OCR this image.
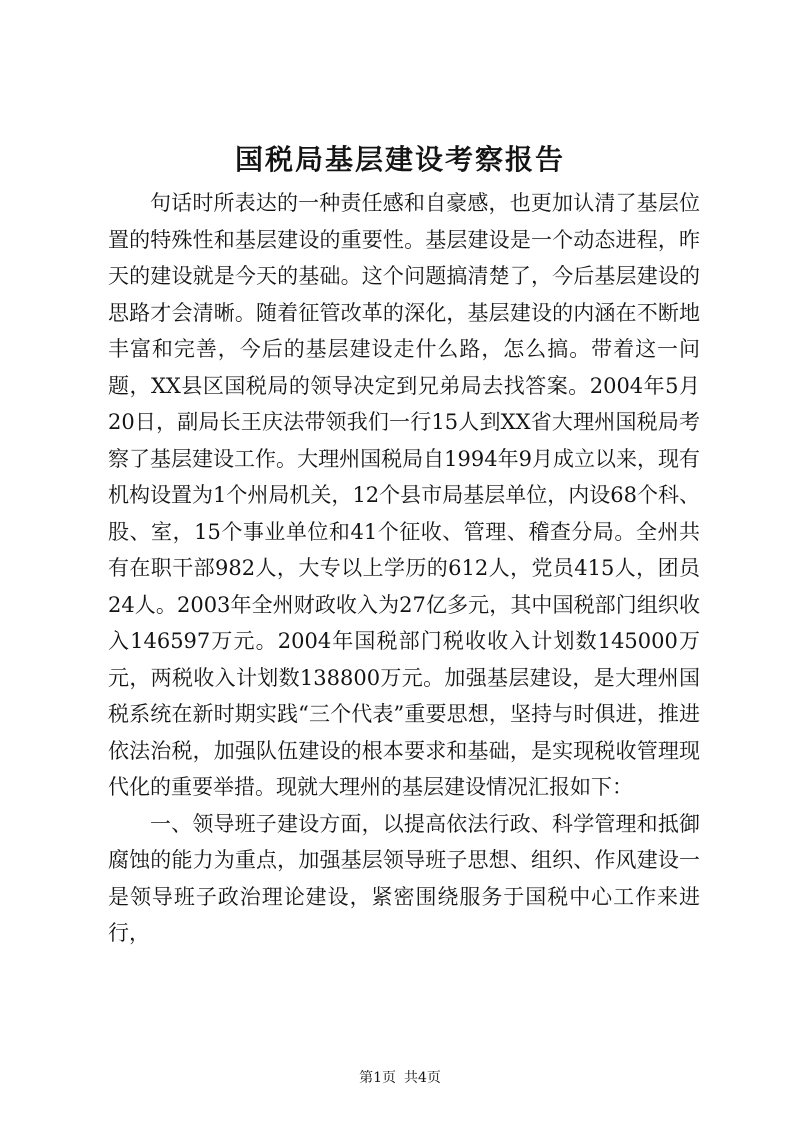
国税局基层建设考察报告

句话时所表达的一种责任感和自豪感，也更加认清了基层位置的特殊性和基层建设的重要性。基层建设是一个动态进程，昨天的建设就是今天的基础。这个问题搞清楚了，今后基层建设的思路才会清晰。随着征管改革的深化，基层建设的内涵在不断地丰富和完善，今后的基层建设走什么路，怎么搞。带着这一问题，XX县区国税局的领导决定到兄弟局去找答案。2004年5月20日，副局长王庆法带领我们一行15人到XX省大理州国税局考察了基层建设工作。大理州国税局自1994年9月成立以来，现有机构设置为1个州局机关，12个县市局基层单位，内设68个科、股、室，15个事业单位和41个征收、管理、稽查分局。全州共有在职干部982人，大专以上学历的612人，党员415人，团员24人。2003年全州财政收入为27亿多元，其中国税部门组织收入146597万元。2004年国税部门税收收入计划数145000万元，两税收入计划数138800万元。加强基层建设，是大理州国税系统在新时期实践“三个代表”重要思想，坚持与时俱进，推进依法治税，加强队伍建设的根本要求和基础，是实现税收管理现代化的重要举措。现就大理州的基层建设情况汇报如下：

一、领导班子建设方面，以提高依法行政、科学管理和抵御腐蚀的能力为重点，加强基层领导班子思想、组织、作风建设一是领导班子政治理论建设，紧密围绕服务于国税中心工作来进行，

第1页 共4页
